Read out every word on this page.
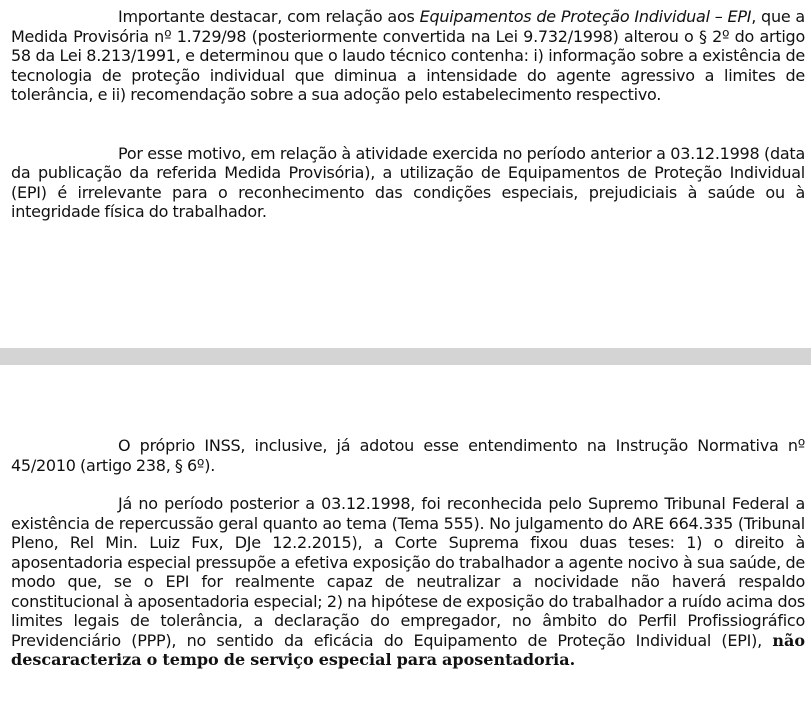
Importante destacar, com relação aos Equipamentos de Proteção Individual – EPI, que a Medida Provisória nº 1.729/98 (posteriormente convertida na Lei 9.732/1998) alterou o § 2º do artigo 58 da Lei 8.213/1991, e determinou que o laudo técnico contenha: i) informação sobre a existência de tecnologia de proteção individual que diminua a intensidade do agente agressivo a limites de tolerância, e ii) recomendação sobre a sua adoção pelo estabelecimento respectivo.

Por esse motivo, em relação à atividade exercida no período anterior a 03.12.1998 (data da publicação da referida Medida Provisória), a utilização de Equipamentos de Proteção Individual (EPI) é irrelevante para o reconhecimento das condições especiais, prejudiciais à saúde ou à integridade física do trabalhador.

O próprio INSS, inclusive, já adotou esse entendimento na Instrução Normativa nº 45/2010 (artigo 238, § 6º).

Já no período posterior a 03.12.1998, foi reconhecida pelo Supremo Tribunal Federal a existência de repercussão geral quanto ao tema (Tema 555). No julgamento do ARE 664.335 (Tribunal Pleno, Rel Min. Luiz Fux, DJe 12.2.2015), a Corte Suprema fixou duas teses: 1) o direito à aposentadoria especial pressupõe a efetiva exposição do trabalhador a agente nocivo à sua saúde, de modo que, se o EPI for realmente capaz de neutralizar a nocividade não haverá respaldo constitucional à aposentadoria especial; 2) na hipótese de exposição do trabalhador a ruído acima dos limites legais de tolerância, a declaração do empregador, no âmbito do Perfil Profissiográfico Previdenciário (PPP), no sentido da eficácia do Equipamento de Proteção Individual (EPI), não descaracteriza o tempo de serviço especial para aposentadoria.
